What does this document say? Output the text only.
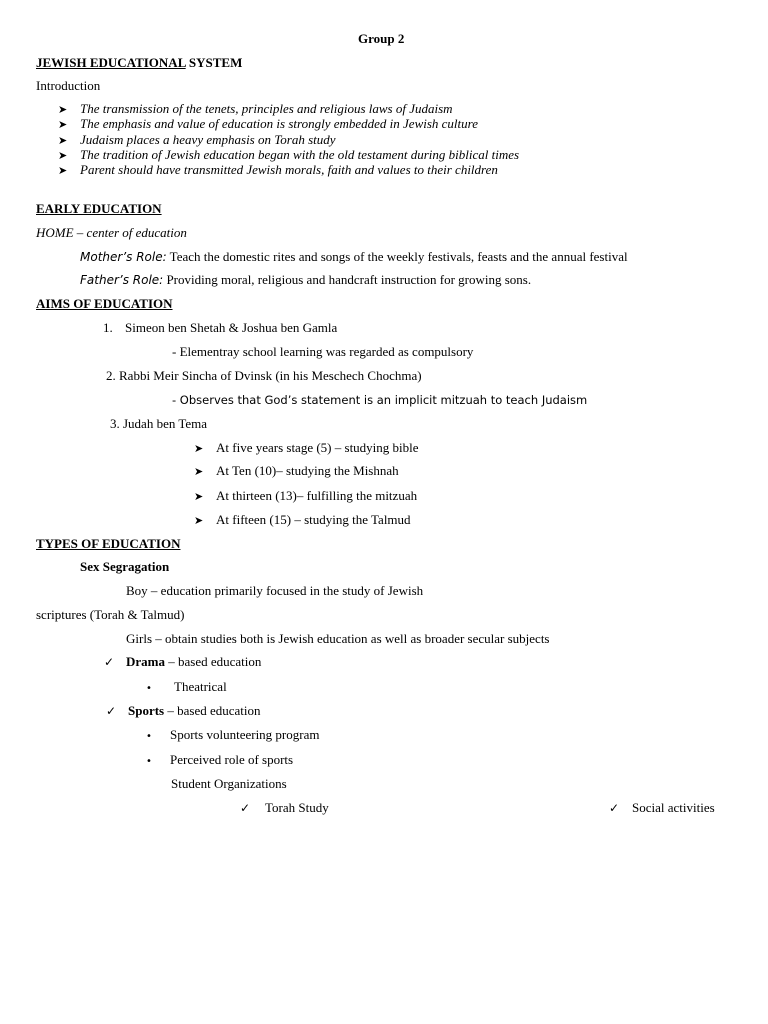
Group 2
JEWISH EDUCATIONAL SYSTEM
Introduction
➤ The transmission of the tenets, principles and religious laws of Judaism
➤ The emphasis and value of education is strongly embedded in Jewish culture
➤ Judaism places a heavy emphasis on Torah study
➤ The tradition of Jewish education began with the old testament during biblical times
➤ Parent should have transmitted Jewish morals, faith and values to their children
EARLY EDUCATION
HOME – center of education
Mother’s Role: Teach the domestic rites and songs of the weekly festivals, feasts and the annual festival
Father’s Role: Providing moral, religious and handcraft instruction for growing sons.
AIMS OF EDUCATION
1. Simeon ben Shetah & Joshua ben Gamla
- Elementray school learning was regarded as compulsory
2. Rabbi Meir Sincha of Dvinsk (in his Meschech Chochma)
- Observes that God’s statement is an implicit mitzuah to teach Judaism
3. Judah ben Tema
➤ At five years stage (5) – studying bible
➤ At Ten (10)– studying the Mishnah
➤ At thirteen (13)– fulfilling the mitzuah
➤ At fifteen (15) – studying the Talmud
TYPES OF EDUCATION
Sex Segragation
Boy – education primarily focused in the study of Jewish
scriptures (Torah & Talmud)
Girls – obtain studies both is Jewish education as well as broader secular subjects
✓ Drama – based education
• Theatrical
✓ Sports – based education
• Sports volunteering program
• Perceived role of sports
Student Organizations
✓ Torah Study	✓ Social activities
